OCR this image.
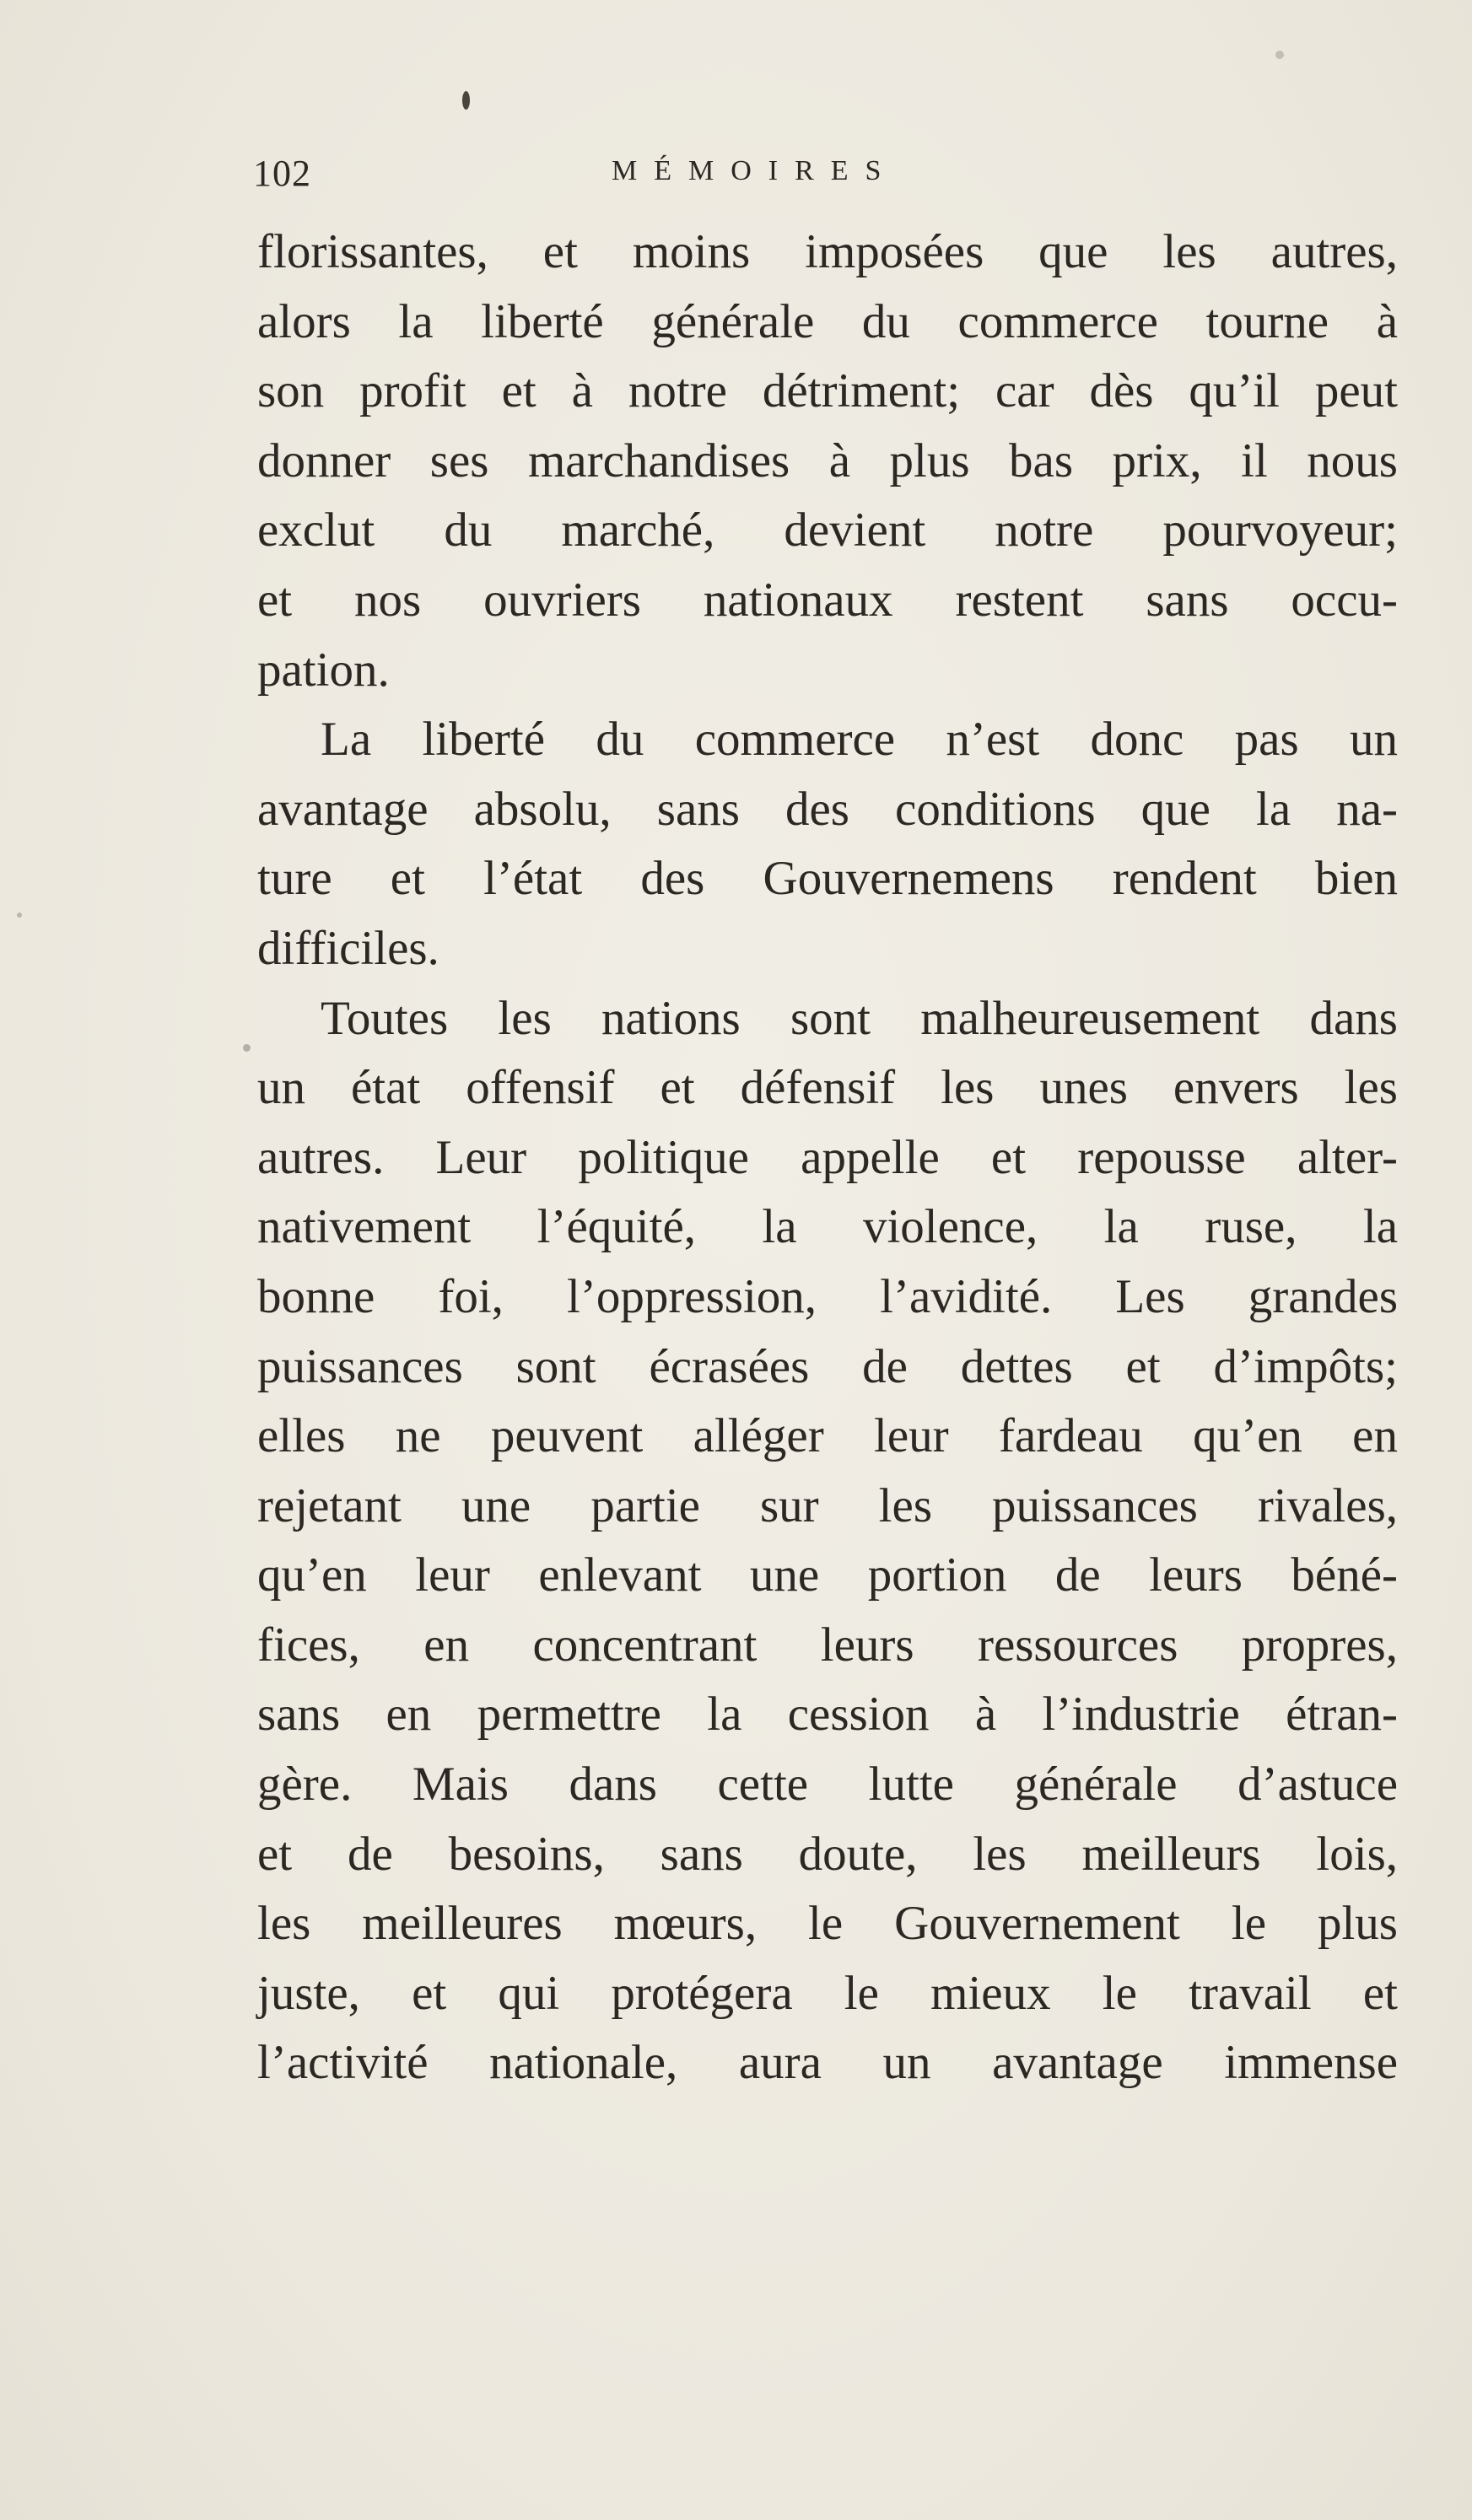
102	MÉMOIRES
florissantes, et moins imposées que les autres,
alors la liberté générale du commerce tourne à
son profit et à notre détriment; car dès qu’il peut
donner ses marchandises à plus bas prix, il nous
exclut du marché, devient notre pourvoyeur;
et nos ouvriers nationaux restent sans occu-
pation.
La liberté du commerce n’est donc pas un
avantage absolu, sans des conditions que la na-
ture et l’état des Gouvernemens rendent bien
difficiles.
Toutes les nations sont malheureusement dans
un état offensif et défensif les unes envers les
autres. Leur politique appelle et repousse alter-
nativement l’équité, la violence, la ruse, la
bonne foi, l’oppression, l’avidité. Les grandes
puissances sont écrasées de dettes et d’impôts;
elles ne peuvent alléger leur fardeau qu’en en
rejetant une partie sur les puissances rivales,
qu’en leur enlevant une portion de leurs béné-
fices, en concentrant leurs ressources propres,
sans en permettre la cession à l’industrie étran-
gère. Mais dans cette lutte générale d’astuce
et de besoins, sans doute, les meilleurs lois,
les meilleures mœurs, le Gouvernement le plus
juste, et qui protégera le mieux le travail et
l’activité nationale, aura un avantage immense
